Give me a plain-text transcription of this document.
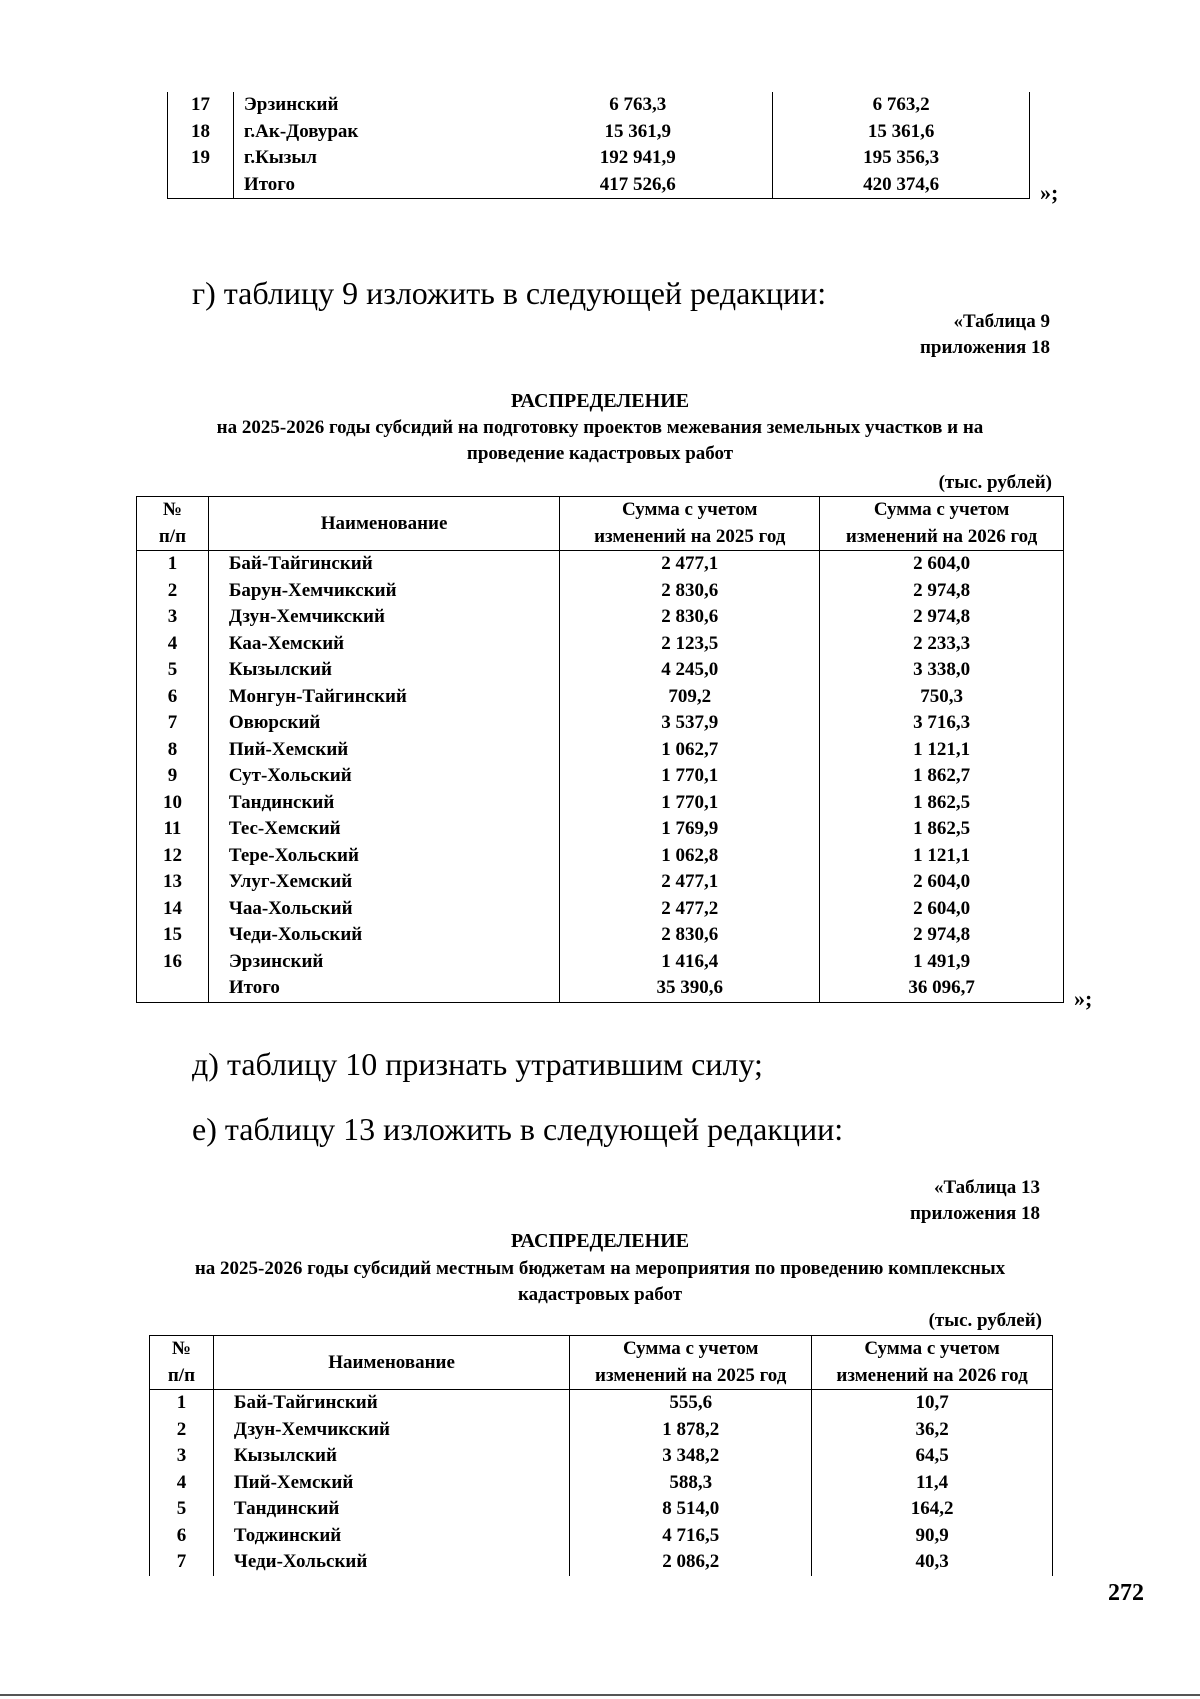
17	Эрзинский	6 763,3	6 763,2
18	г.Ак-Довурак	15 361,9	15 361,6
19	г.Кызыл	192 941,9	195 356,3
	Итого	417 526,6	420 374,6	»;
г) таблицу 9 изложить в следующей редакции:
«Таблица 9
приложения 18
РАСПРЕДЕЛЕНИЕ
на 2025-2026 годы субсидий на подготовку проектов межевания земельных участков и на
проведение кадастровых работ
(тыс. рублей)
№	Наименование	Сумма с учетом	Сумма с учетом
п/п		изменений на 2025 год	изменений на 2026 год
1	Бай-Тайгинский	2 477,1	2 604,0
2	Барун-Хемчикский	2 830,6	2 974,8
3	Дзун-Хемчикский	2 830,6	2 974,8
4	Каа-Хемский	2 123,5	2 233,3
5	Кызылский	4 245,0	3 338,0
6	Монгун-Тайгинский	709,2	750,3
7	Овюрский	3 537,9	3 716,3
8	Пий-Хемский	1 062,7	1 121,1
9	Сут-Хольский	1 770,1	1 862,7
10	Тандинский	1 770,1	1 862,5
11	Тес-Хемский	1 769,9	1 862,5
12	Тере-Хольский	1 062,8	1 121,1
13	Улуг-Хемский	2 477,1	2 604,0
14	Чаа-Хольский	2 477,2	2 604,0
15	Чеди-Хольский	2 830,6	2 974,8
16	Эрзинский	1 416,4	1 491,9
	Итого	35 390,6	36 096,7	»;
д) таблицу 10 признать утратившим силу;
е) таблицу 13 изложить в следующей редакции:
«Таблица 13
приложения 18
РАСПРЕДЕЛЕНИЕ
на 2025-2026 годы субсидий местным бюджетам на мероприятия по проведению комплексных
кадастровых работ
(тыс. рублей)
№	Наименование	Сумма с учетом	Сумма с учетом
п/п		изменений на 2025 год	изменений на 2026 год
1	Бай-Тайгинский	555,6	10,7
2	Дзун-Хемчикский	1 878,2	36,2
3	Кызылский	3 348,2	64,5
4	Пий-Хемский	588,3	11,4
5	Тандинский	8 514,0	164,2
6	Тоджинский	4 716,5	90,9
7	Чеди-Хольский	2 086,2	40,3
272
